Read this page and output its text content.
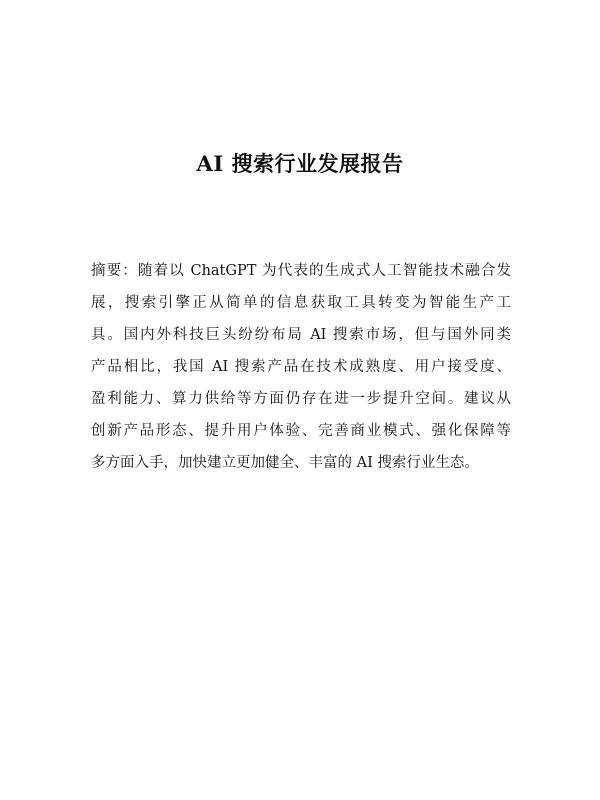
AI 搜索行业发展报告
摘要：随着以 ChatGPT 为代表的生成式人工智能技术融合发
展，搜索引擎正从简单的信息获取工具转变为智能生产工
具。国内外科技巨头纷纷布局 AI 搜索市场，但与国外同类
产品相比，我国 AI 搜索产品在技术成熟度、用户接受度、
盈利能力、算力供给等方面仍存在进一步提升空间。建议从
创新产品形态、提升用户体验、完善商业模式、强化保障等
多方面入手，加快建立更加健全、丰富的 AI 搜索行业生态。
